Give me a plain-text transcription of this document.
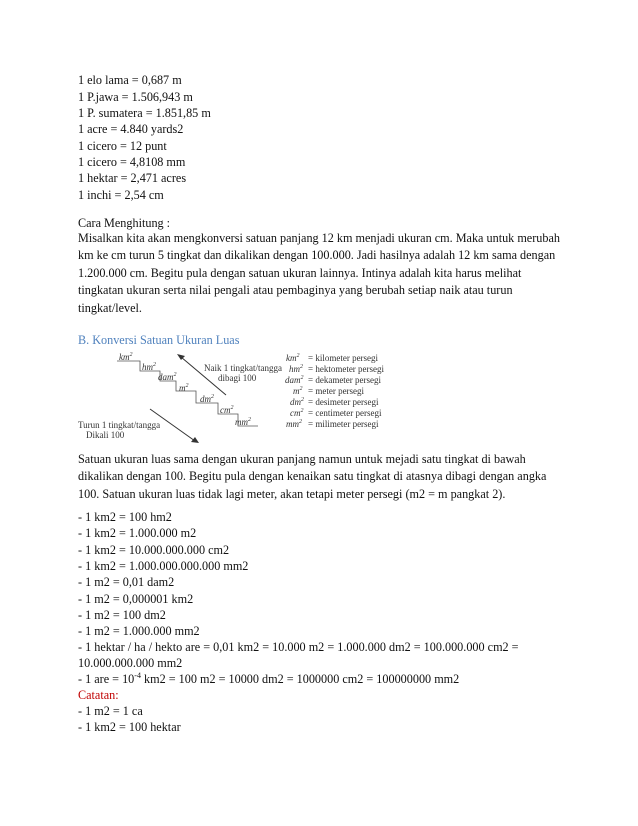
1 elo lama = 0,687 m
1 P.jawa = 1.506,943 m
1 P. sumatera = 1.851,85 m
1 acre = 4.840 yards2
1 cicero = 12 punt
1 cicero = 4,8108 mm
1 hektar = 2,471 acres
1 inchi = 2,54 cm
Cara Menghitung :
Misalkan kita akan mengkonversi satuan panjang 12 km menjadi ukuran cm. Maka untuk merubah km ke cm turun 5 tingkat dan dikalikan dengan 100.000. Jadi hasilnya adalah 12 km sama dengan 1.200.000 cm. Begitu pula dengan satuan ukuran lainnya. Intinya adalah kita harus melihat tingkatan ukuran serta nilai pengali atau pembaginya yang berubah setiap naik atau turun tingkat/level.
B. Konversi Satuan Ukuran Luas
$km^2$
$hm^2$
dam$^2$
$m^2$
$dm^2$
$cm^2$
$mm^2$
Naik 1 tingkat/tangga
dibagi 100
Turun 1 tingkat/tangga
Dikali 100
$km^2$ = kilometer persegi
$hm^2$ = hektometer persegi
dam$^2$ = dekameter persegi
$m^2$ = meter persegi
$dm^2$ = desimeter persegi
$cm^2$ = centimeter persegi
$mm^2$ = milimeter persegi
Satuan ukuran luas sama dengan ukuran panjang namun untuk mejadi satu tingkat di bawah dikalikan dengan 100. Begitu pula dengan kenaikan satu tingkat di atasnya dibagi dengan angka 100. Satuan ukuran luas tidak lagi meter, akan tetapi meter persegi (m2 = m pangkat 2).
- 1 km2 = 100 hm2
- 1 km2 = 1.000.000 m2
- 1 km2 = 10.000.000.000 cm2
- 1 km2 = 1.000.000.000.000 mm2
- 1 m2 = 0,01 dam2
- 1 m2 = 0,000001 km2
- 1 m2 = 100 dm2
- 1 m2 = 1.000.000 mm2
- 1 hektar / ha / hekto are = 0,01 km2 = 10.000 m2 = 1.000.000 dm2 = 100.000.000 cm2 =
10.000.000.000 mm2
- 1 are = $10^{-4}$ km2 = 100 m2 = 10000 dm2 = 1000000 cm2 = 100000000 mm2
Catatan:
- 1 m2 = 1 ca
- 1 km2 = 100 hektar
